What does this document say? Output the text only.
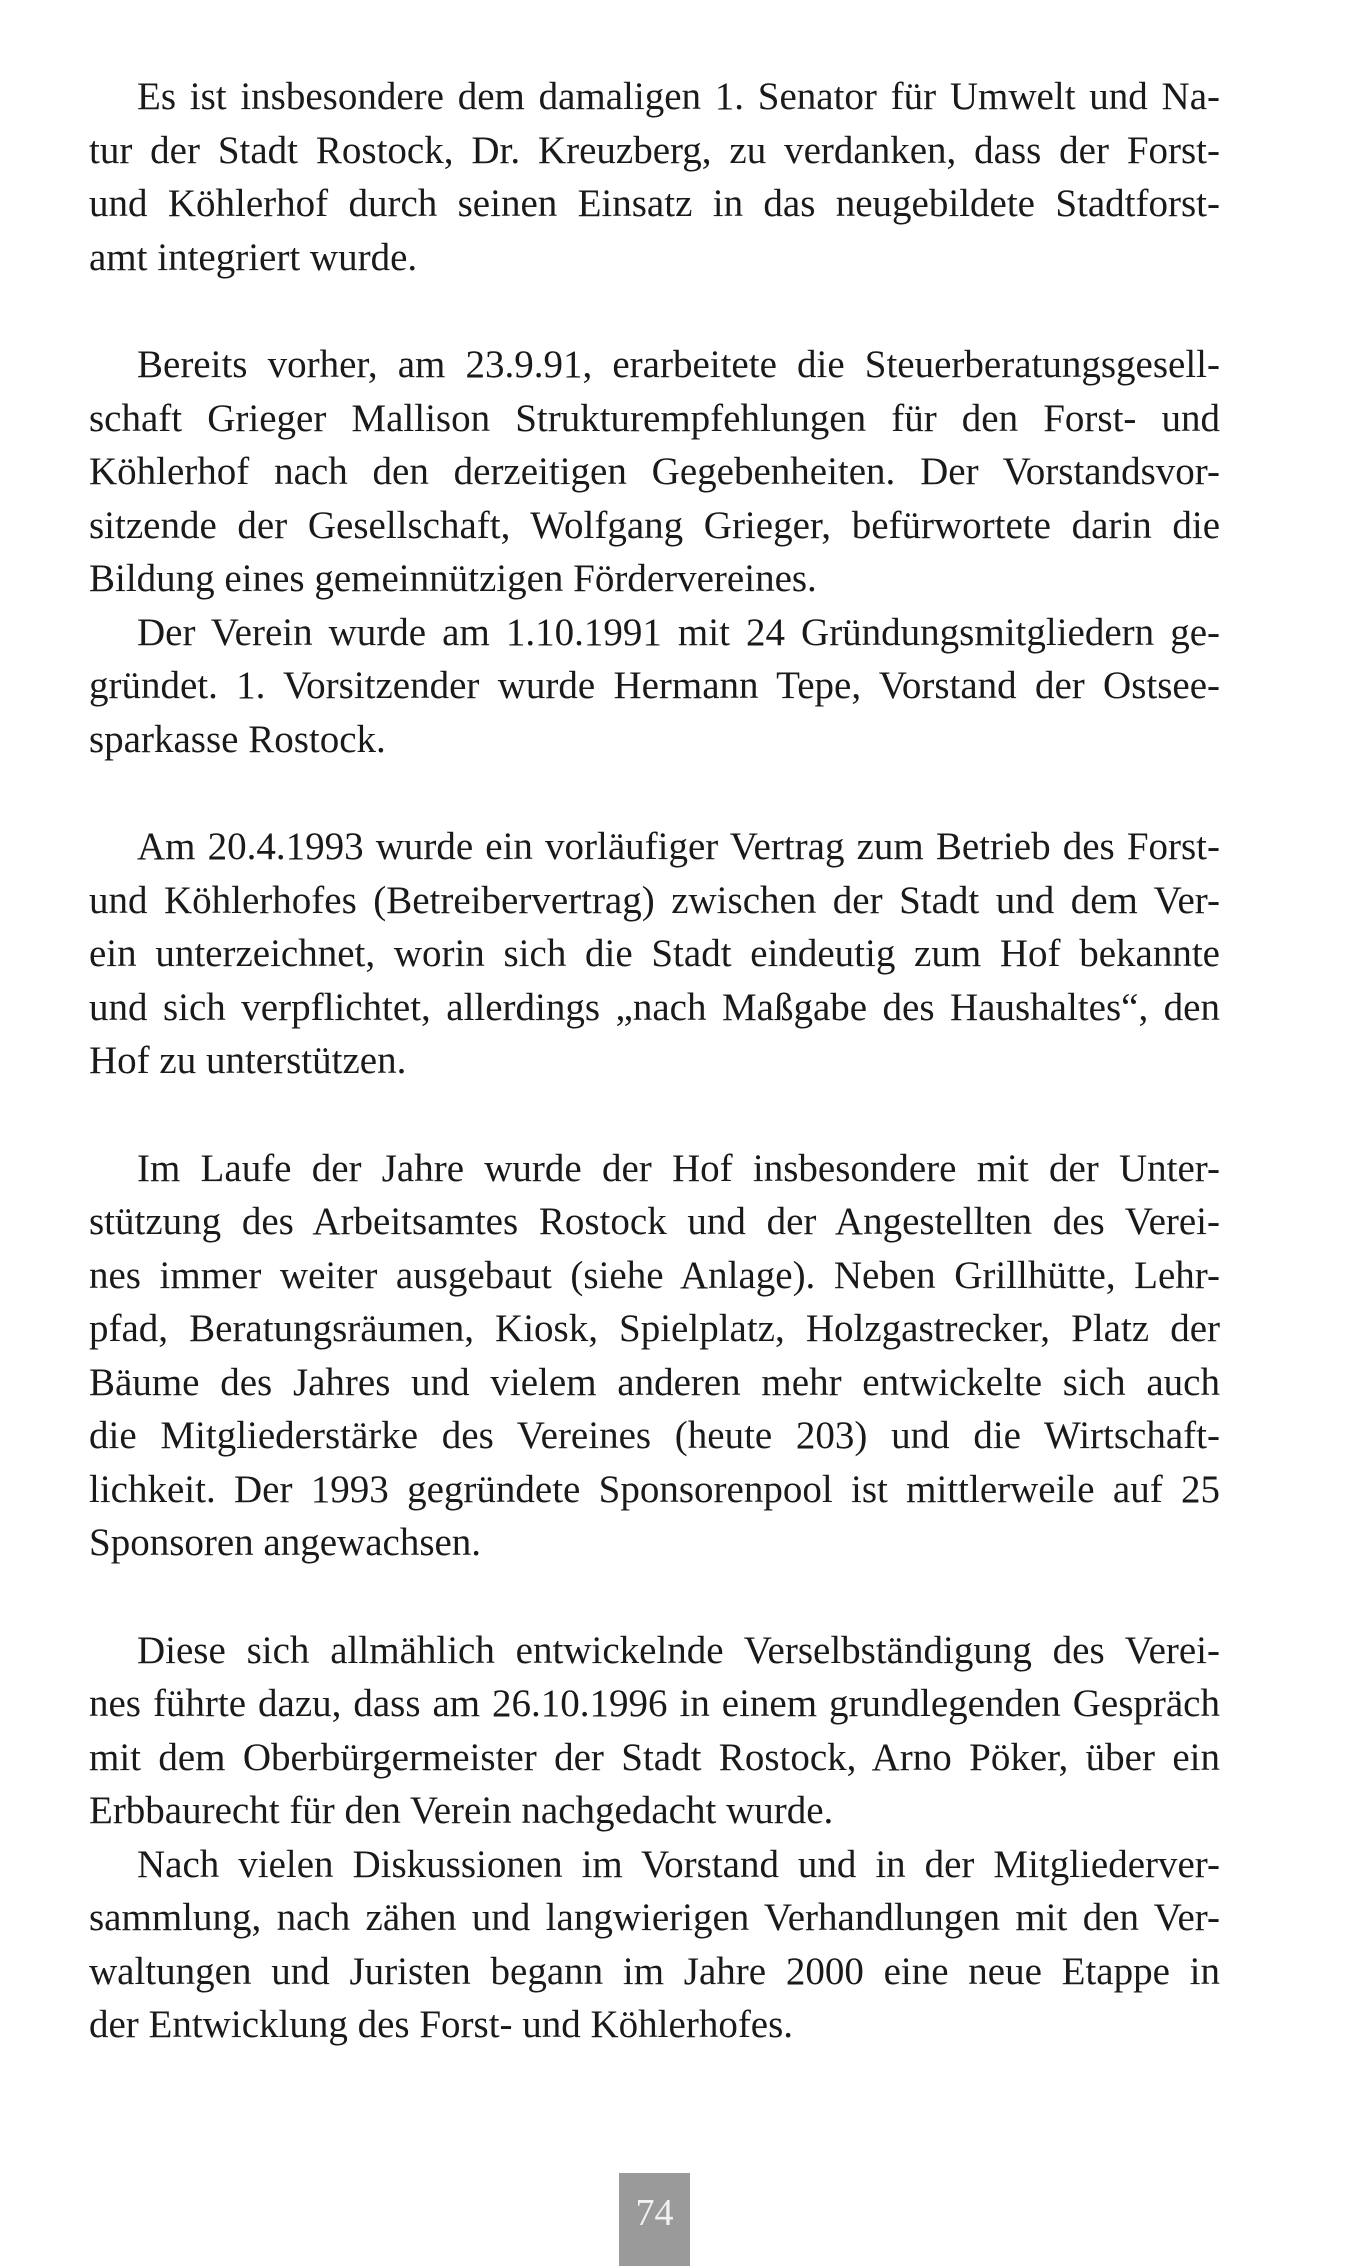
Es ist insbesondere dem damaligen 1. Senator für Umwelt und Na-
tur der Stadt Rostock, Dr. Kreuzberg, zu verdanken, dass der Forst-
und Köhlerhof durch seinen Einsatz in das neugebildete Stadtforst-
amt integriert wurde.

Bereits vorher, am 23.9.91, erarbeitete die Steuerberatungsgesell-
schaft Grieger Mallison Strukturempfehlungen für den Forst- und
Köhlerhof nach den derzeitigen Gegebenheiten. Der Vorstandsvor-
sitzende der Gesellschaft, Wolfgang Grieger, befürwortete darin die
Bildung eines gemeinnützigen Fördervereines.

Der Verein wurde am 1.10.1991 mit 24 Gründungsmitgliedern ge-
gründet. 1. Vorsitzender wurde Hermann Tepe, Vorstand der Ostsee-
sparkasse Rostock.

Am 20.4.1993 wurde ein vorläufiger Vertrag zum Betrieb des Forst-
und Köhlerhofes (Betreibervertrag) zwischen der Stadt und dem Ver-
ein unterzeichnet, worin sich die Stadt eindeutig zum Hof bekannte
und sich verpflichtet, allerdings „nach Maßgabe des Haushaltes“, den
Hof zu unterstützen.

Im Laufe der Jahre wurde der Hof insbesondere mit der Unter-
stützung des Arbeitsamtes Rostock und der Angestellten des Verei-
nes immer weiter ausgebaut (siehe Anlage). Neben Grillhütte, Lehr-
pfad, Beratungsräumen, Kiosk, Spielplatz, Holzgastrecker, Platz der
Bäume des Jahres und vielem anderen mehr entwickelte sich auch
die Mitgliederstärke des Vereines (heute 203) und die Wirtschaft-
lichkeit. Der 1993 gegründete Sponsorenpool ist mittlerweile auf 25
Sponsoren angewachsen.

Diese sich allmählich entwickelnde Verselbständigung des Verei-
nes führte dazu, dass am 26.10.1996 in einem grundlegenden Gespräch
mit dem Oberbürgermeister der Stadt Rostock, Arno Pöker, über ein
Erbbaurecht für den Verein nachgedacht wurde.

Nach vielen Diskussionen im Vorstand und in der Mitgliederver-
sammlung, nach zähen und langwierigen Verhandlungen mit den Ver-
waltungen und Juristen begann im Jahre 2000 eine neue Etappe in
der Entwicklung des Forst- und Köhlerhofes.

74
